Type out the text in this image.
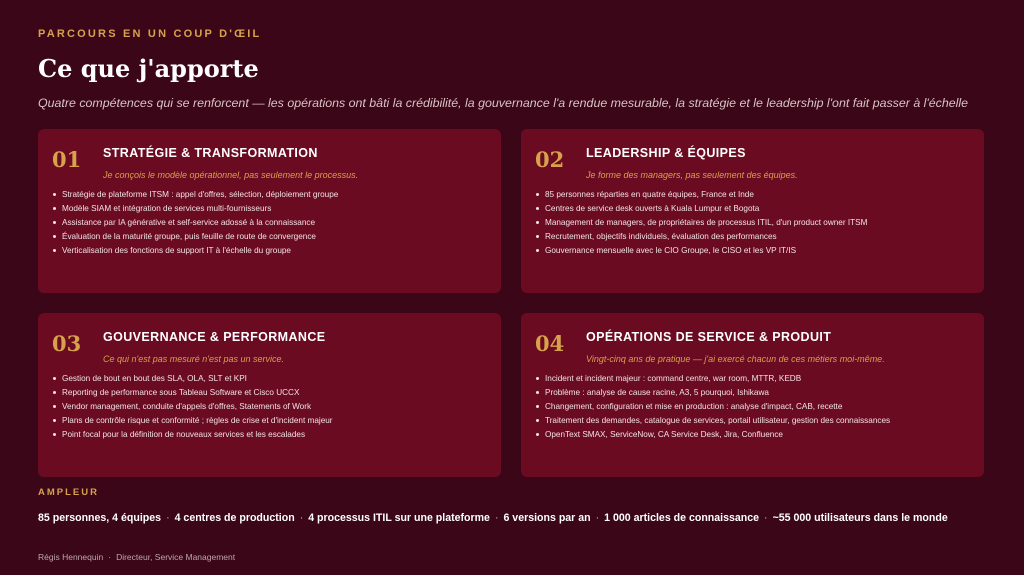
PARCOURS EN UN COUP D'ŒIL
Ce que j'apporte
Quatre compétences qui se renforcent — les opérations ont bâti la crédibilité, la gouvernance l'a rendue mesurable, la stratégie et le leadership l'ont fait passer à l'échelle
01 STRATÉGIE & TRANSFORMATION
Je conçois le modèle opérationnel, pas seulement le processus.
Stratégie de plateforme ITSM : appel d'offres, sélection, déploiement groupe
Modèle SIAM et intégration de services multi-fournisseurs
Assistance par IA générative et self-service adossé à la connaissance
Évaluation de la maturité groupe, puis feuille de route de convergence
Verticalisation des fonctions de support IT à l'échelle du groupe
02 LEADERSHIP & ÉQUIPES
Je forme des managers, pas seulement des équipes.
85 personnes réparties en quatre équipes, France et Inde
Centres de service desk ouverts à Kuala Lumpur et Bogota
Management de managers, de propriétaires de processus ITIL, d'un product owner ITSM
Recrutement, objectifs individuels, évaluation des performances
Gouvernance mensuelle avec le CIO Groupe, le CISO et les VP IT/IS
03 GOUVERNANCE & PERFORMANCE
Ce qui n'est pas mesuré n'est pas un service.
Gestion de bout en bout des SLA, OLA, SLT et KPI
Reporting de performance sous Tableau Software et Cisco UCCX
Vendor management, conduite d'appels d'offres, Statements of Work
Plans de contrôle risque et conformité ; règles de crise et d'incident majeur
Point focal pour la définition de nouveaux services et les escalades
04 OPÉRATIONS DE SERVICE & PRODUIT
Vingt-cinq ans de pratique — j'ai exercé chacun de ces métiers moi-même.
Incident et incident majeur : command centre, war room, MTTR, KEDB
Problème : analyse de cause racine, A3, 5 pourquoi, Ishikawa
Changement, configuration et mise en production : analyse d'impact, CAB, recette
Traitement des demandes, catalogue de services, portail utilisateur, gestion des connaissances
OpenText SMAX, ServiceNow, CA Service Desk, Jira, Confluence
AMPLEUR
85 personnes, 4 équipes · 4 centres de production · 4 processus ITIL sur une plateforme · 6 versions par an · 1 000 articles de connaissance · ~55 000 utilisateurs dans le monde
Régis Hennequin · Directeur, Service Management
